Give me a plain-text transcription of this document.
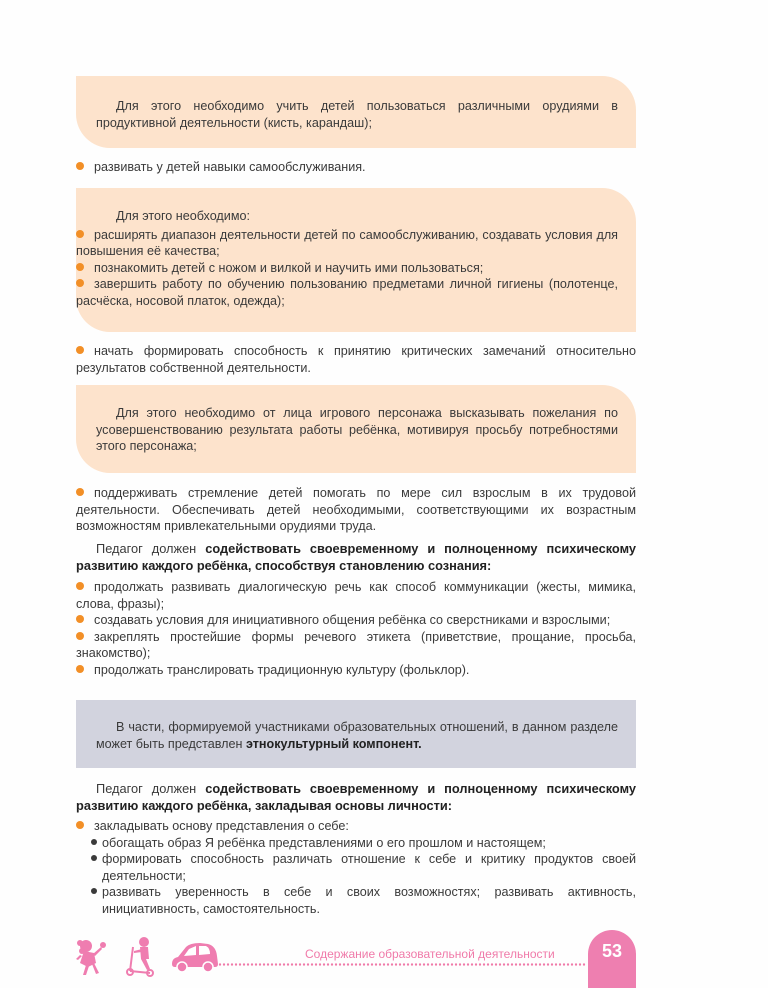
Для этого необходимо учить детей пользоваться различными орудиями в продуктивной деятельности (кисть, карандаш);
развивать у детей навыки самообслуживания.
Для этого необходимо:
расширять диапазон деятельности детей по самообслуживанию, создавать условия для повышения её качества;
познакомить детей с ножом и вилкой и научить ими пользоваться;
завершить работу по обучению пользованию предметами личной гигиены (полотенце, расчёска, носовой платок, одежда);
начать формировать способность к принятию критических замечаний относительно результатов собственной деятельности.
Для этого необходимо от лица игрового персонажа высказывать пожелания по усовершенствованию результата работы ребёнка, мотивируя просьбу потребностями этого персонажа;
поддерживать стремление детей помогать по мере сил взрослым в их трудовой деятельности. Обеспечивать детей необходимыми, соответствующими их возрастным возможностям привлекательными орудиями труда.
Педагог должен содействовать своевременному и полноценному психическому развитию каждого ребёнка, способствуя становлению сознания:
продолжать развивать диалогическую речь как способ коммуникации (жесты, мимика, слова, фразы);
создавать условия для инициативного общения ребёнка со сверстниками и взрослыми;
закреплять простейшие формы речевого этикета (приветствие, прощание, просьба, знакомство);
продолжать транслировать традиционную культуру (фольклор).
В части, формируемой участниками образовательных отношений, в данном разделе может быть представлен этнокультурный компонент.
Педагог должен содействовать своевременному и полноценному психическому развитию каждого ребёнка, закладывая основы личности:
закладывать основу представления о себе:
обогащать образ Я ребёнка представлениями о его прошлом и настоящем;
формировать способность различать отношение к себе и критику продуктов своей деятельности;
развивать уверенность в себе и своих возможностях; развивать активность, инициативность, самостоятельность.
Содержание образовательной деятельности	53
